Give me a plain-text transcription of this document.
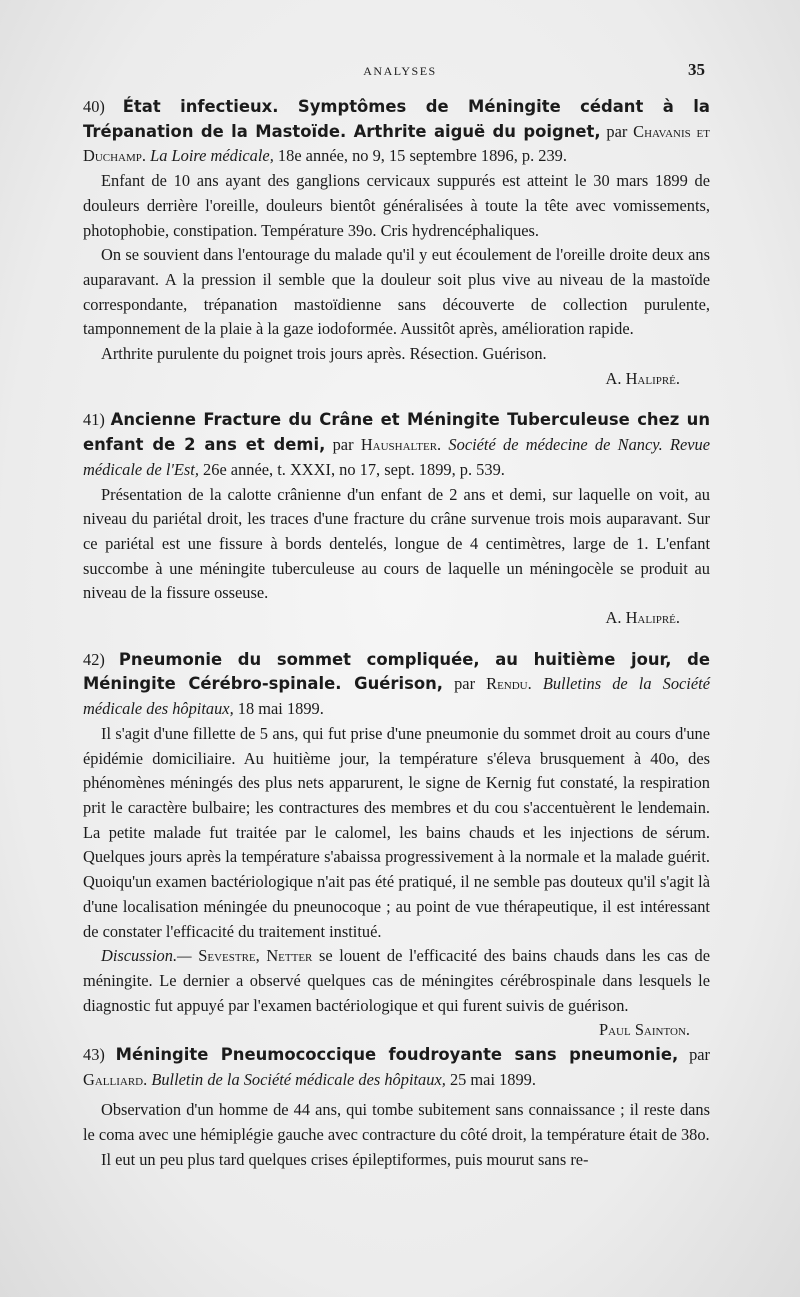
ANALYSES	35

40) État infectieux. Symptômes de Méningite cédant à la Trépanation de la Mastoïde. Arthrite aiguë du poignet, par Chavanis et Duchamp. La Loire médicale, 18e année, no 9, 15 septembre 1896, p. 239.

Enfant de 10 ans ayant des ganglions cervicaux suppurés est atteint le 30 mars 1899 de douleurs derrière l'oreille, douleurs bientôt généralisées à toute la tête avec vomissements, photophobie, constipation. Température 39o. Cris hydrencéphaliques.

On se souvient dans l'entourage du malade qu'il y eut écoulement de l'oreille droite deux ans auparavant. A la pression il semble que la douleur soit plus vive au niveau de la mastoïde correspondante, trépanation mastoïdienne sans découverte de collection purulente, tamponnement de la plaie à la gaze iodoformée. Aussitôt après, amélioration rapide.

Arthrite purulente du poignet trois jours après. Résection. Guérison.

A. Halipré.

41) Ancienne Fracture du Crâne et Méningite Tuberculeuse chez un enfant de 2 ans et demi, par Haushalter. Société de médecine de Nancy. Revue médicale de l'Est, 26e année, t. XXXI, no 17, sept. 1899, p. 539.

Présentation de la calotte crânienne d'un enfant de 2 ans et demi, sur laquelle on voit, au niveau du pariétal droit, les traces d'une fracture du crâne survenue trois mois auparavant. Sur ce pariétal est une fissure à bords dentelés, longue de 4 centimètres, large de 1. L'enfant succombe à une méningite tuberculeuse au cours de laquelle un méningocèle se produit au niveau de la fissure osseuse.

A. Halipré.

42) Pneumonie du sommet compliquée, au huitième jour, de Méningite Cérébro-spinale. Guérison, par Rendu. Bulletins de la Société médicale des hôpitaux, 18 mai 1899.

Il s'agit d'une fillette de 5 ans, qui fut prise d'une pneumonie du sommet droit au cours d'une épidémie domiciliaire. Au huitième jour, la température s'éleva brusquement à 40o, des phénomènes méningés des plus nets apparurent, le signe de Kernig fut constaté, la respiration prit le caractère bulbaire; les contractures des membres et du cou s'accentuèrent le lendemain. La petite malade fut traitée par le calomel, les bains chauds et les injections de sérum. Quelques jours après la température s'abaissa progressivement à la normale et la malade guérit. Quoiqu'un examen bactériologique n'ait pas été pratiqué, il ne semble pas douteux qu'il s'agit là d'une localisation méningée du pneunocoque ; au point de vue thérapeutique, il est intéressant de constater l'efficacité du traitement institué.

Discussion.— Sevestre, Netter se louent de l'efficacité des bains chauds dans les cas de méningite. Le dernier a observé quelques cas de méningites cérébrospinale dans lesquels le diagnostic fut appuyé par l'examen bactériologique et qui furent suivis de guérison.
Paul Sainton.

43) Méningite Pneumococcique foudroyante sans pneumonie, par Galliard. Bulletin de la Société médicale des hôpitaux, 25 mai 1899.

Observation d'un homme de 44 ans, qui tombe subitement sans connaissance ; il reste dans le coma avec une hémiplégie gauche avec contracture du côté droit, la température était de 38o.

Il eut un peu plus tard quelques crises épileptiformes, puis mourut sans re-
